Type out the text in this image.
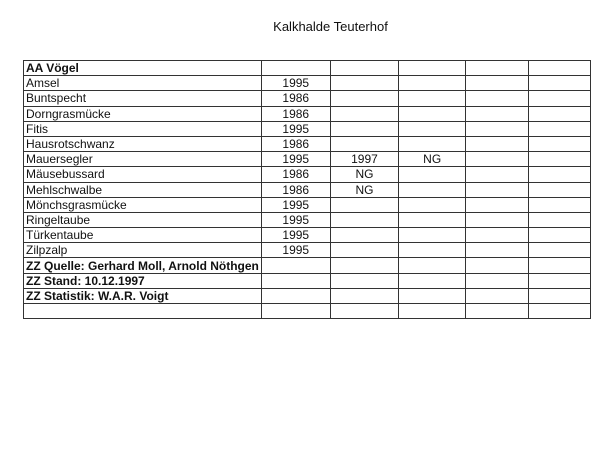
Kalkhalde Teuterhof
AA Vögel					
Amsel	1995				
Buntspecht	1986				
Dorngrasmücke	1986				
Fitis	1995				
Hausrotschwanz	1986				
Mauersegler	1995	1997	NG		
Mäusebussard	1986	NG			
Mehlschwalbe	1986	NG			
Mönchsgrasmücke	1995				
Ringeltaube	1995				
Türkentaube	1995				
Zilpzalp	1995				
ZZ Quelle: Gerhard Moll, Arnold Nöthgen					
ZZ Stand: 10.12.1997					
ZZ Statistik: W.A.R. Voigt					
